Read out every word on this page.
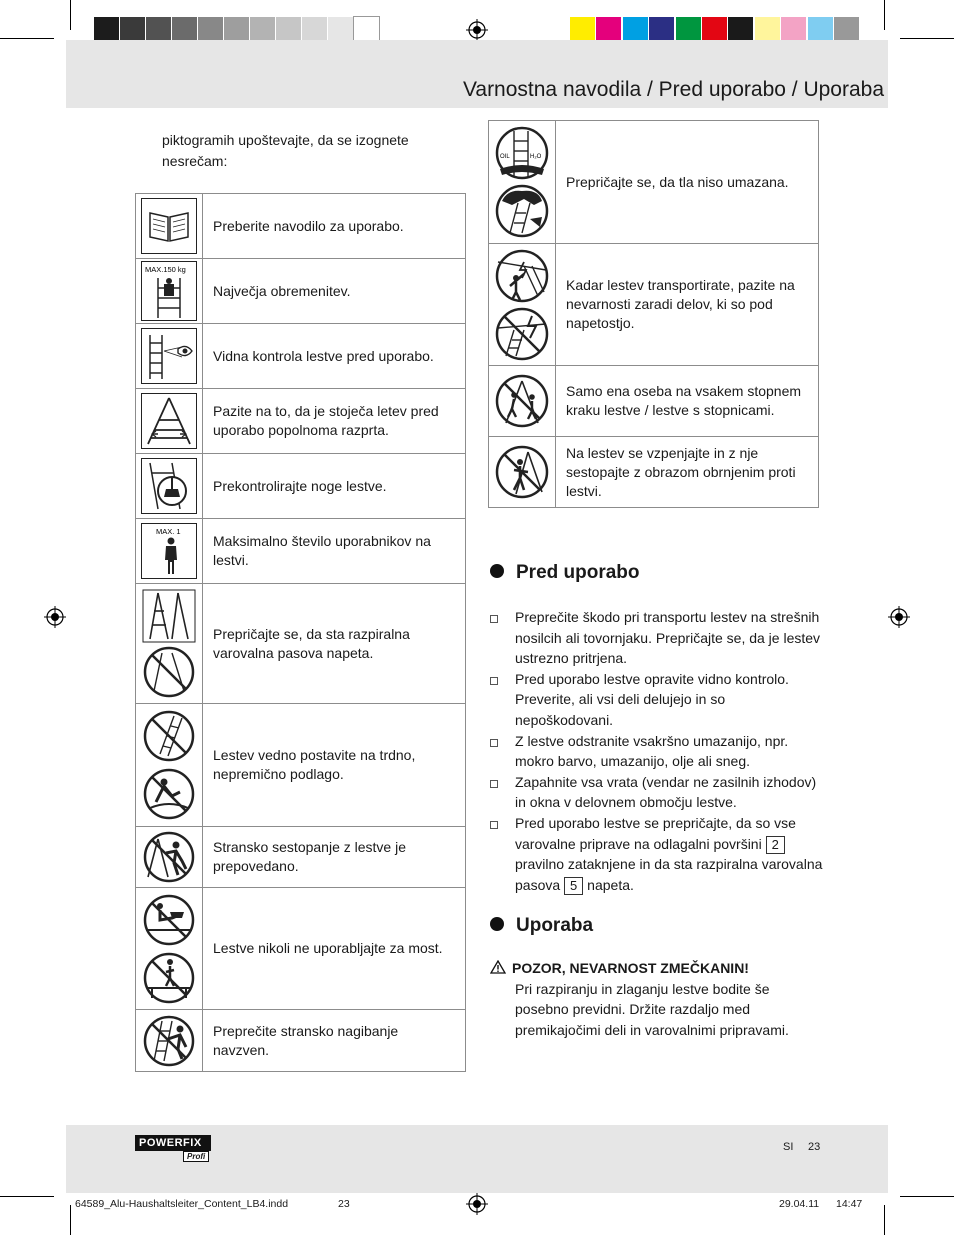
Varnostna navodila / Pred uporabo / Uporaba
piktogramih upoštevajte, da se izognete nesrečam:
	Preberite navodilo za uporabo.

MAX.150 kg	Največja obremenitev.

	Vidna kontrola lestve pred uporabo.

	Pazite na to, da je stoječa letev pred uporabo popolnoma razprta.

	Prekontrolirajte noge lestve.

MAX. 1	Maksimalno število uporabnikov na lestvi.

	Prepričajte se, da sta razpiralna varovalna pasova napeta.

	Lestev vedno postavite na trdno, nepremično podlago.

	Stransko sestopanje z lestve je prepovedano.

	Lestve nikoli ne uporabljajte za most.

	Preprečite stransko nagibanje navzven.
OIL H₂O	Prepričajte se, da tla niso umazana.

	Kadar lestev transportirate, pazite na nevarnosti zaradi delov, ki so pod napetostjo.

	Samo ena oseba na vsakem stopnem kraku lestve / lestve s stopnicami.

	Na lestev se vzpenjajte in z nje sestopajte z obrazom obrnjenim proti lestvi.
Pred uporabo
Preprečite škodo pri transportu lestev na strešnih nosilcih ali tovornjaku. Prepričajte se, da je lestev ustrezno pritrjena.
Pred uporabo lestve opravite vidno kontrolo. Preverite, ali vsi deli delujejo in so nepoškodovani.
Z lestve odstranite vsakršno umazanijo, npr. mokro barvo, umazanijo, olje ali sneg.
Zapahnite vsa vrata (vendar ne zasilnih izhodov) in okna v delovnem območju lestve.
Pred uporabo lestve se prepričajte, da so vse varovalne priprave na odlagalni površini 2 pravilno zataknjene in da sta razpiralna varovalna pasova 5 napeta.
Uporaba
POZOR, NEVARNOST ZMEČKANIN!
Pri razpiranju in zlaganju lestve bodite še posebno previdni. Držite razdaljo med premikajočimi deli in varovalnimi pripravami.
POWERFIX
Profi
SI 23
64589_Alu-Haushaltsleiter_Content_LB4.indd	23	29.04.11 14:47
